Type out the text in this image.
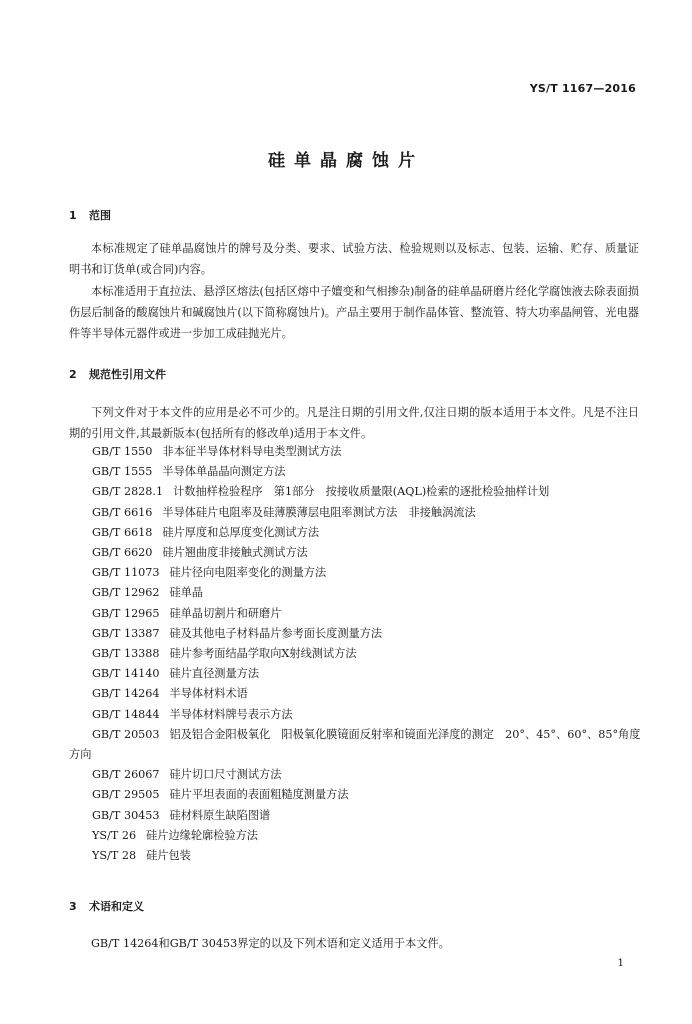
YS/T 1167—2016
硅单晶腐蚀片
1 范围

本标准规定了硅单晶腐蚀片的牌号及分类、要求、试验方法、检验规则以及标志、包装、运输、贮存、质量证明书和订货单(或合同)内容。

本标准适用于直拉法、悬浮区熔法(包括区熔中子嬗变和气相掺杂)制备的硅单晶研磨片经化学腐蚀液去除表面损伤层后制备的酸腐蚀片和碱腐蚀片(以下简称腐蚀片)。产品主要用于制作晶体管、整流管、特大功率晶闸管、光电器件等半导体元器件或进一步加工成硅抛光片。

2 规范性引用文件

下列文件对于本文件的应用是必不可少的。凡是注日期的引用文件,仅注日期的版本适用于本文件。凡是不注日期的引用文件,其最新版本(包括所有的修改单)适用于本文件。

GB/T 1550 非本征半导体材料导电类型测试方法
GB/T 1555 半导体单晶晶向测定方法
GB/T 2828.1 计数抽样检验程序　第1部分　按接收质量限(AQL)检索的逐批检验抽样计划
GB/T 6616 半导体硅片电阻率及硅薄膜薄层电阻率测试方法　非接触涡流法
GB/T 6618 硅片厚度和总厚度变化测试方法
GB/T 6620 硅片翘曲度非接触式测试方法
GB/T 11073 硅片径向电阻率变化的测量方法
GB/T 12962 硅单晶
GB/T 12965 硅单晶切割片和研磨片
GB/T 13387 硅及其他电子材料晶片参考面长度测量方法
GB/T 13388 硅片参考面结晶学取向X射线测试方法
GB/T 14140 硅片直径测量方法
GB/T 14264 半导体材料术语
GB/T 14844 半导体材料牌号表示方法
GB/T 20503 铝及铝合金阳极氧化　阳极氧化膜镜面反射率和镜面光泽度的测定　20°、45°、60°、85°角度方向
GB/T 26067 硅片切口尺寸测试方法
GB/T 29505 硅片平坦表面的表面粗糙度测量方法
GB/T 30453 硅材料原生缺陷图谱
YS/T 26 硅片边缘轮廓检验方法
YS/T 28 硅片包装
3 术语和定义

GB/T 14264和GB/T 30453界定的以及下列术语和定义适用于本文件。

1
